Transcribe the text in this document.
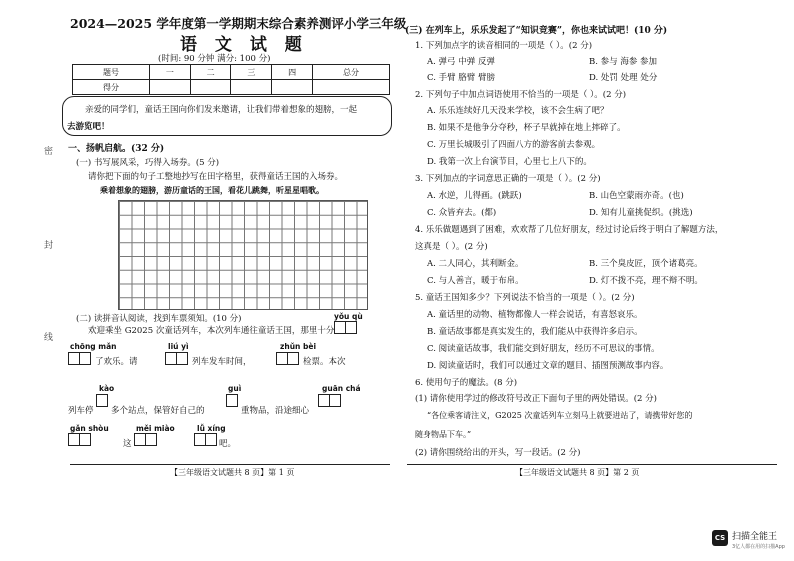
2024—2025 学年度第一学期期末综合素养测评小学三年级
语 文 试 题
(时间: 90 分钟 满分: 100 分)
题号	一	二	三	四	总分
得分					
亲爱的同学们，童话王国向你们发来邀请，让我们带着想象的翅膀，一起
去游览吧！
密
封
线
一、扬帆启航。(32 分)
(一) 书写展风采，巧得入场券。(5 分)
请你把下面的句子工整地抄写在田字格里，获得童话王国的入场券。
乘着想象的翅膀，游历童话的王国，看花儿跳舞，听星星唱歌。
yǒu qù
(二) 读拼音认阅读，找到车票须知。(10 分)
欢迎乘坐 G2025 次童话列车，本次列车通往童话王国，那里十分
chōng mǎn	liú yì	zhǔn bèi
了欢乐。请	列车发车时间，	检票。本次
kào	guì	guān chá
列车停 多个站点，保管好自己的	重物品，沿途细心
gǎn shòu	měi miào	lǚ xíng
这	吧。
【三年级语文试题共 8 页】第 1 页
(三) 在列车上，乐乐发起了“知识竞赛”，你也来试试吧！(10 分)
1. 下列加点字的读音相同的一项是（ ）。(2 分)
A. 弹弓 中弹 反弹	B. 参与 海参 参加
C. 手臂 胳臂 臂膀	D. 处罚 处理 处分
2. 下列句子中加点词语使用不恰当的一项是（ ）。(2 分)
A. 乐乐连续好几天没来学校，该不会生病了吧？
B. 如果不是他争分夺秒，杯子早就掉在地上摔碎了。
C. 万里长城吸引了四面八方的游客前去参观。
D. 我第一次上台演节目，心里七上八下的。
3. 下列加点的字词意思正确的一项是（ ）。(2 分)
A. 水逆，儿得画。(跳跃)	B. 山色空蒙雨亦奇。(也)
C. 众皆弃去。(都)	D. 知有儿童挑促织。(挑选)
4. 乐乐做题遇到了困难，欢欢帮了几位好朋友，经过讨论后终于明白了解题方法，
这真是（ ）。(2 分)
A. 二人同心，其利断金。	B. 三个臭皮匠，顶个诸葛亮。
C. 与人善言，暖于布帛。	D. 灯不拨不亮，理不辩不明。
5. 童话王国知多少？下列说法不恰当的一项是（ ）。(2 分)
A. 童话里的动物、植物都像人一样会说话，有喜怒哀乐。
B. 童话故事都是真实发生的，我们能从中获得许多启示。
C. 阅读童话故事，我们能交到好朋友，经历不可思议的事情。
D. 阅读童话时，我们可以通过文章的题目、插图预测故事内容。
6. 使用句子的魔法。(8 分)
(1) 请你使用学过的修改符号改正下面句子里的两处错误。(2 分)
“各位乘客请注义，G2025 次童话列车立刻马上就要进站了，请携带好您的
随身物品下车。”
(2) 请你围绕给出的开头，写一段话。(2 分)
【三年级语文试题共 8 页】第 2 页
CS 扫描全能王
3亿人都在用的扫描App
